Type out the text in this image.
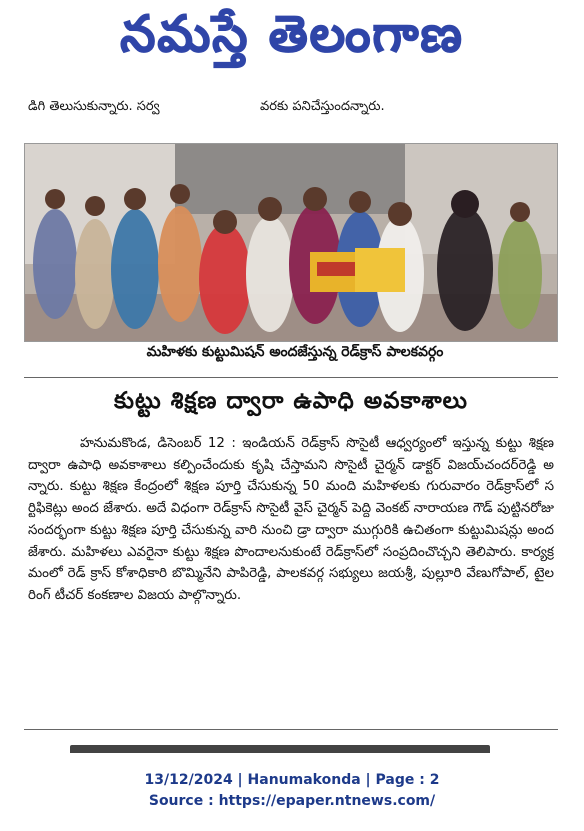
నమస్తే తెలంగాణ
డిగి తెలుసుకున్నారు. సర్వ	వరకు పనిచేస్తుందన్నారు.
మహిళకు కుట్టుమిషన్ అందజేస్తున్న రెడ్‌క్రాస్ పాలకవర్గం
కుట్టు శిక్షణ ద్వారా ఉపాధి అవకాశాలు
హనుమకొండ, డిసెంబర్ 12 : ఇండియన్ రెడ్‌క్రాస్ సొసైటీ ఆధ్వర్యంలో ఇస్తున్న కుట్టు శిక్షణ ద్వారా ఉపాధి అవకాశాలు కల్పించేందుకు కృషి చేస్తామని సొసైటీ చైర్మన్ డాక్టర్ విజయ్‌చందర్‌రెడ్డి అన్నారు. కుట్టు శిక్షణ కేంద్రంలో శిక్షణ పూర్తి చేసుకున్న 50 మంది మహిళలకు గురువారం రెడ్‌క్రాస్‌లో సర్టిఫికెట్లు అంద జేశారు. అదే విధంగా రెడ్‌క్రాస్ సొసైటీ వైస్ చైర్మన్ పెద్ది వెంకట్ నారాయణ గౌడ్ పుట్టినరోజు సందర్భంగా కుట్టు శిక్షణ పూర్తి చేసుకున్న వారి నుంచి డ్రా ద్వారా ముగ్గురికి ఉచితంగా కుట్టుమిషన్లు అందజేశారు. మహిళలు ఎవరైనా కుట్టు శిక్షణ పొందాలనుకుంటే రెడ్‌క్రాస్‌లో సంప్రదించొచ్చని తెలిపారు. కార్యక్రమంలో రెడ్ క్రాస్ కోశాధికారి బొమ్మినేని పాపిరెడ్డి, పాలకవర్గ సభ్యులు జయశ్రీ, పుల్లూరి వేణుగోపాల్, టైలరింగ్ టీచర్ కంకణాల విజయ పాల్గొన్నారు.
13/12/2024 | Hanumakonda | Page : 2
Source : https://epaper.ntnews.com/
